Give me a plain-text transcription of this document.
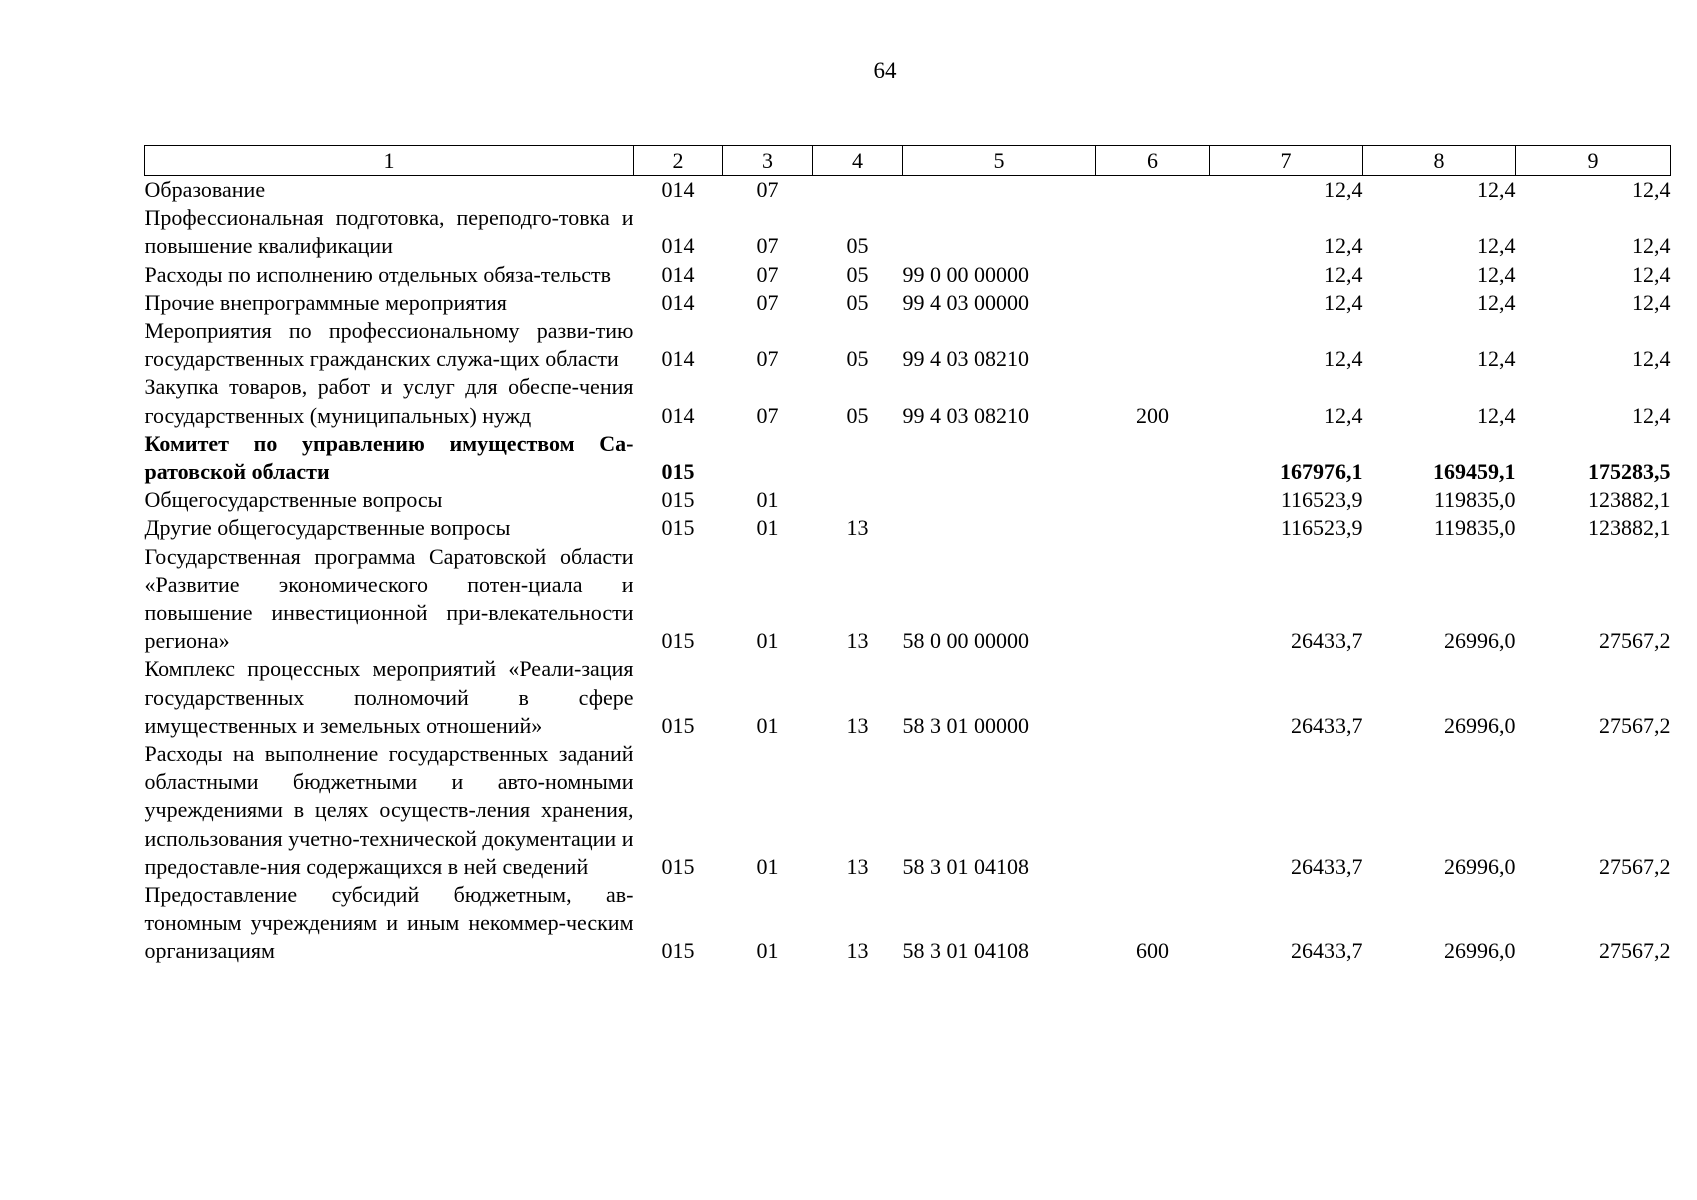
64
1	2	3	4	5	6	7	8	9
Образование	014	07				12,4	12,4	12,4
Профессиональная подготовка, переподго-товка и повышение квалификации	014	07	05			12,4	12,4	12,4
Расходы по исполнению отдельных обяза-тельств	014	07	05	99 0 00 00000		12,4	12,4	12,4
Прочие внепрограммные мероприятия	014	07	05	99 4 03 00000		12,4	12,4	12,4
Мероприятия по профессиональному разви-тию государственных гражданских служа-щих области	014	07	05	99 4 03 08210		12,4	12,4	12,4
Закупка товаров, работ и услуг для обеспе-чения государственных (муниципальных) нужд	014	07	05	99 4 03 08210	200	12,4	12,4	12,4
Комитет по управлению имуществом Са-ратовской области	015					167976,1	169459,1	175283,5
Общегосударственные вопросы	015	01				116523,9	119835,0	123882,1
Другие общегосударственные вопросы	015	01	13			116523,9	119835,0	123882,1
Государственная программа Саратовской области «Развитие экономического потен-циала и повышение инвестиционной при-влекательности региона»	015	01	13	58 0 00 00000		26433,7	26996,0	27567,2
Комплекс процессных мероприятий «Реали-зация государственных полномочий в сфере имущественных и земельных отношений»	015	01	13	58 3 01 00000		26433,7	26996,0	27567,2
Расходы на выполнение государственных заданий областными бюджетными и авто-номными учреждениями в целях осуществ-ления хранения, использования учетно-технической документации и предоставле-ния содержащихся в ней сведений	015	01	13	58 3 01 04108		26433,7	26996,0	27567,2
Предоставление субсидий бюджетным, ав-тономным учреждениям и иным некоммер-ческим организациям	015	01	13	58 3 01 04108	600	26433,7	26996,0	27567,2
